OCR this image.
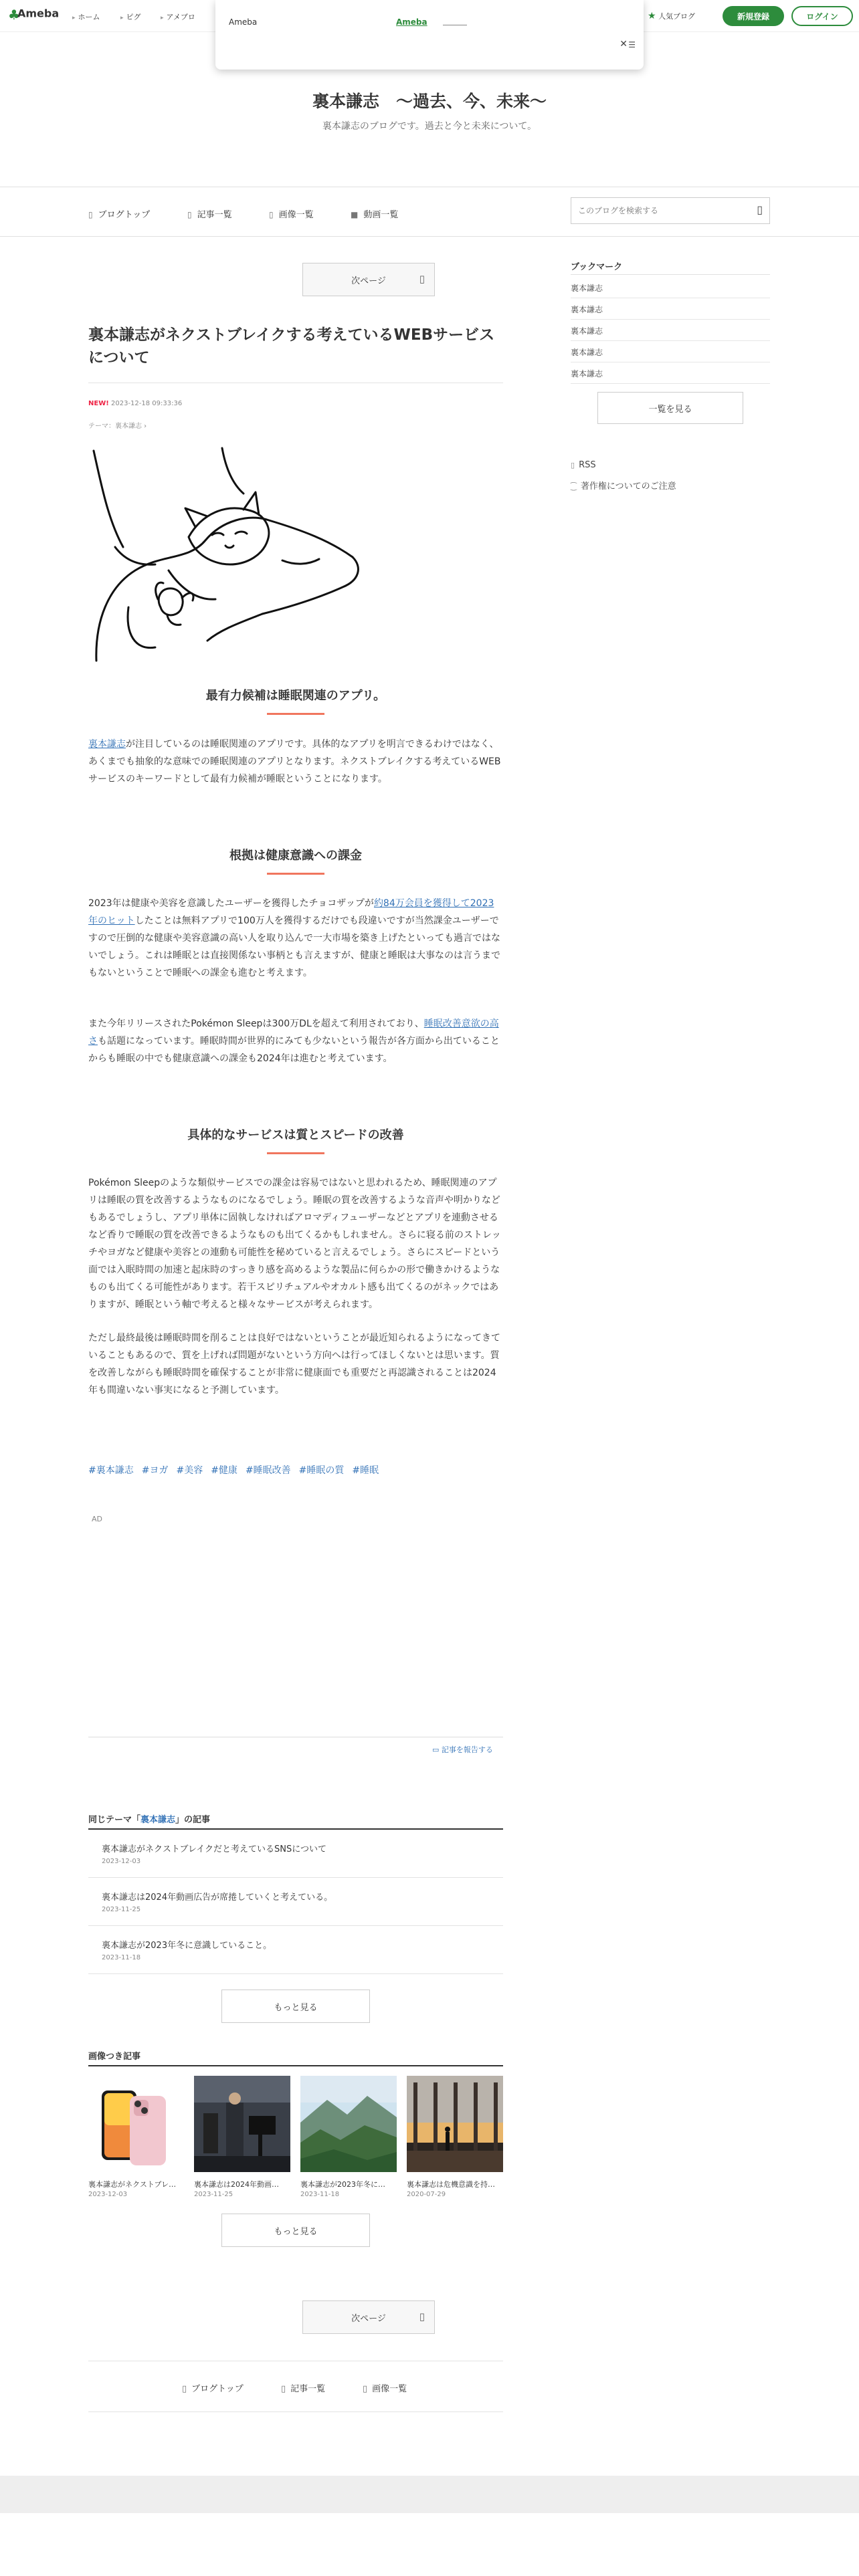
♣Ameba	▸ ホーム	▸ ピグ	▸ アメブロ	★ 人気ブログ	新規登録	ログイン
Ameba	Ameba
✕ ☰
裏本謙志　～過去、今、未来～

裏本謙志のブログです。過去と今と未来について。

▯ ブログトップ	▯ 記事一覧	▯ 画像一覧	■ 動画一覧
このブログを検索する	▯
次ページ	▯
裏本謙志がネクストブレイクする考えているWEBサービスについて
NEW! 2023-12-18 09:33:36
テーマ：裏本謙志 ›
最有力候補は睡眠関連のアプリ。

裏本謙志が注目しているのは睡眠関連のアプリです。具体的なアプリを明言できるわけではなく、あくまでも抽象的な意味での睡眠関連のアプリとなります。ネクストブレイクする考えているWEBサービスのキーワードとして最有力候補が睡眠ということになります。

根拠は健康意識への課金

2023年は健康や美容を意識したユーザーを獲得したチョコザップが約84万会員を獲得して2023年のヒットしたことは無料アプリで100万人を獲得するだけでも段違いですが当然課金ユーザーですので圧倒的な健康や美容意識の高い人を取り込んで一大市場を築き上げたといっても過言ではないでしょう。これは睡眠とは直接関係ない事柄とも言えますが、健康と睡眠は大事なのは言うまでもないということで睡眠への課金も進むと考えます。

また今年リリースされたPokémon Sleepは300万DLを超えて利用されており、睡眠改善意欲の高さも話題になっています。睡眠時間が世界的にみても少ないという報告が各方面から出ていることからも睡眠の中でも健康意識への課金も2024年は進むと考えています。

具体的なサービスは質とスピードの改善

Pokémon Sleepのような類似サービスでの課金は容易ではないと思われるため、睡眠関連のアプリは睡眠の質を改善するようなものになるでしょう。睡眠の質を改善するような音声や明かりなどもあるでしょうし、アプリ単体に固執しなければアロマディフューザーなどとアプリを連動させるなど香りで睡眠の質を改善できるようなものも出てくるかもしれません。さらに寝る前のストレッチやヨガなど健康や美容との連動も可能性を秘めていると言えるでしょう。さらにスピードという面では入眠時間の加速と起床時のすっきり感を高めるような製品に何らかの形で働きかけるようなものも出てくる可能性があります。若干スピリチュアルやオカルト感も出てくるのがネックではありますが、睡眠という軸で考えると様々なサービスが考えられます。

ただし最終最後は睡眠時間を削ることは良好ではないということが最近知られるようになってきていることもあるので、質を上げれば問題がないという方向へは行ってほしくないとは思います。質を改善しながらも睡眠時間を確保することが非常に健康面でも重要だと再認識されることは2024年も間違いない事実になると予測しています。

#裏本謙志 #ヨガ #美容 #健康 #睡眠改善 #睡眠の質 #睡眠
AD
▭ 記事を報告する
同じテーマ「裏本謙志」の記事
裏本謙志がネクストブレイクだと考えているSNSについて
2023-12-03
裏本謙志は2024年動画広告が席捲していくと考えている。
2023-11-25
裏本謙志が2023年冬に意識していること。
2023-11-18
もっと見る
画像つき記事
裏本謙志がネクストブレ…
2023-12-03
裏本謙志は2024年動画…
2023-11-25
裏本謙志が2023年冬に…
2023-11-18
裏本謙志は危機意識を持…
2020-07-29
もっと見る
次ページ	▯
▯ ブログトップ	▯ 記事一覧	▯ 画像一覧
ブックマーク
裏本謙志
裏本謙志
裏本謙志
裏本謙志
裏本謙志
一覧を見る
▯ RSS
⁐ 著作権についてのご注意
